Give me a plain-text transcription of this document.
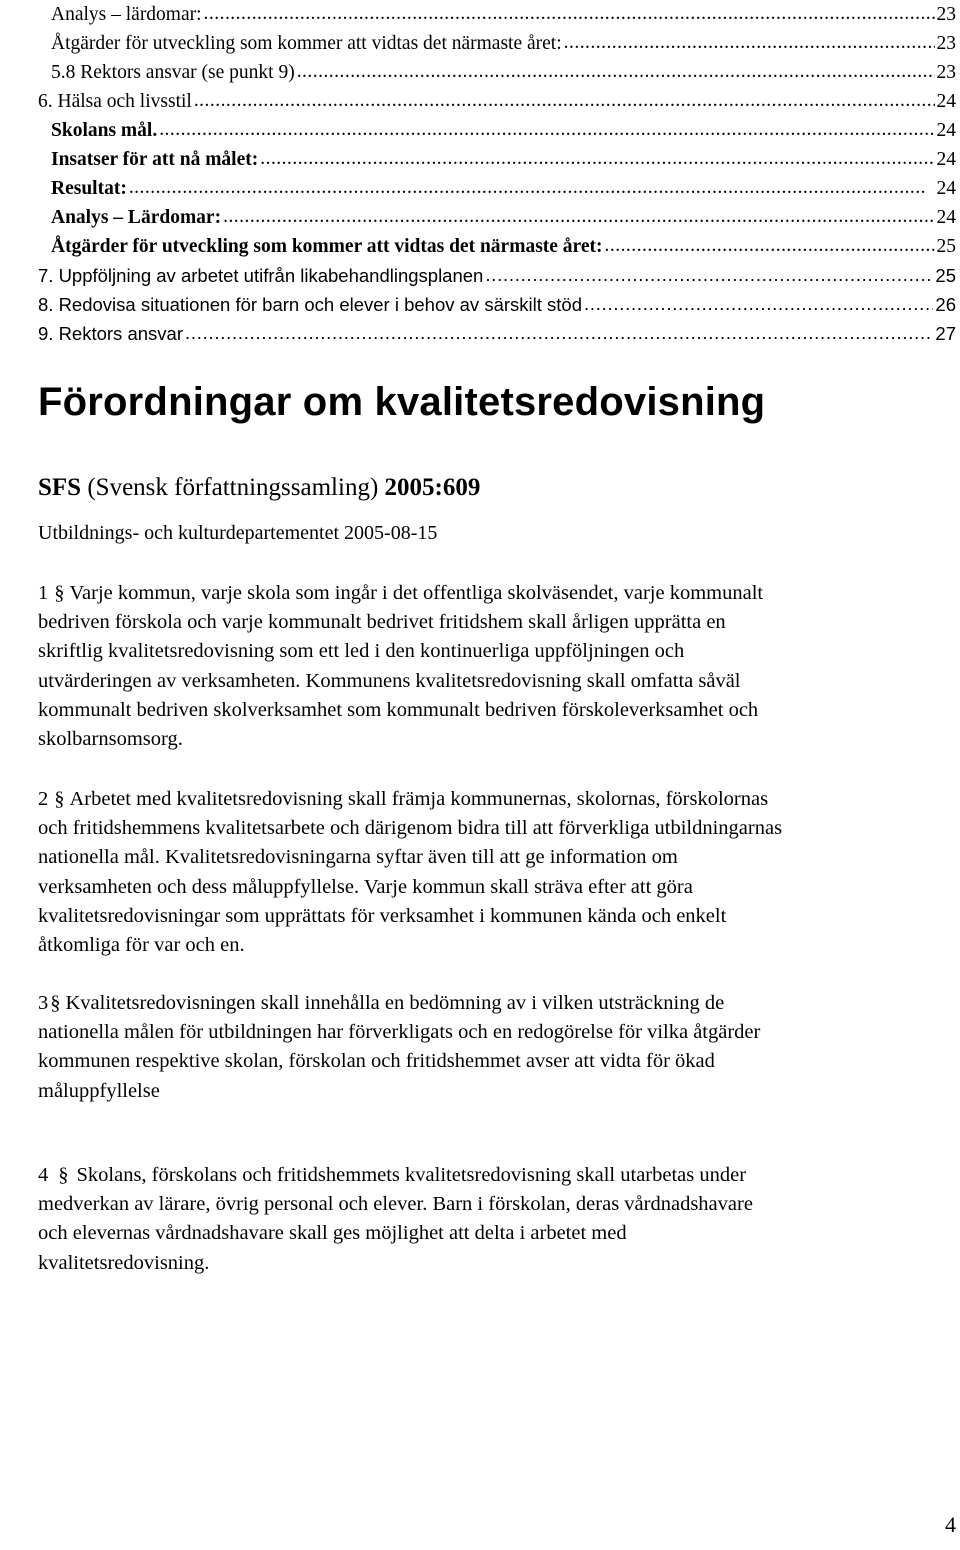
Analys – lärdomar: . . .	23
Åtgärder för utveckling som kommer att vidtas det närmaste året: . . .	23
5.8 Rektors ansvar (se punkt 9) . . .	23
6. Hälsa och livsstil . . .	24
Skolans mål. . . .	24
Insatser för att nå målet: . . .	24
Resultat: . . .	24
Analys – Lärdomar: . . .	24
Åtgärder för utveckling som kommer att vidtas det närmaste året: . . .	25
7. Uppföljning av arbetet utifrån likabehandlingsplanen . . .	25
8. Redovisa situationen för barn och elever i behov av särskilt stöd . . .	26
9. Rektors ansvar . . .	27
Förordningar om kvalitetsredovisning
SFS (Svensk författningssamling) 2005:609
Utbildnings- och kulturdepartementet 2005-08-15
1 § Varje kommun, varje skola som ingår i det offentliga skolväsendet, varje kommunalt
bedriven förskola och varje kommunalt bedrivet fritidshem skall årligen upprätta en
skriftlig kvalitetsredovisning som ett led i den kontinuerliga uppföljningen och
utvärderingen av verksamheten. Kommunens kvalitetsredovisning skall omfatta såväl
kommunalt bedriven skolverksamhet som kommunalt bedriven förskoleverksamhet och
skolbarnsomsorg.
2 § Arbetet med kvalitetsredovisning skall främja kommunernas, skolornas, förskolornas
och fritidshemmens kvalitetsarbete och därigenom bidra till att förverkliga utbildningarnas
nationella mål. Kvalitetsredovisningarna syftar även till att ge information om
verksamheten och dess måluppfyllelse. Varje kommun skall sträva efter att göra
kvalitetsredovisningar som upprättats för verksamhet i kommunen kända och enkelt
åtkomliga för var och en.
3§ Kvalitetsredovisningen skall innehålla en bedömning av i vilken utsträckning de
nationella målen för utbildningen har förverkligats och en redogörelse för vilka åtgärder
kommunen respektive skolan, förskolan och fritidshemmet avser att vidta för ökad
måluppfyllelse
4 § Skolans, förskolans och fritidshemmets kvalitetsredovisning skall utarbetas under
medverkan av lärare, övrig personal och elever. Barn i förskolan, deras vårdnadshavare
och elevernas vårdnadshavare skall ges möjlighet att delta i arbetet med
kvalitetsredovisning.
4
